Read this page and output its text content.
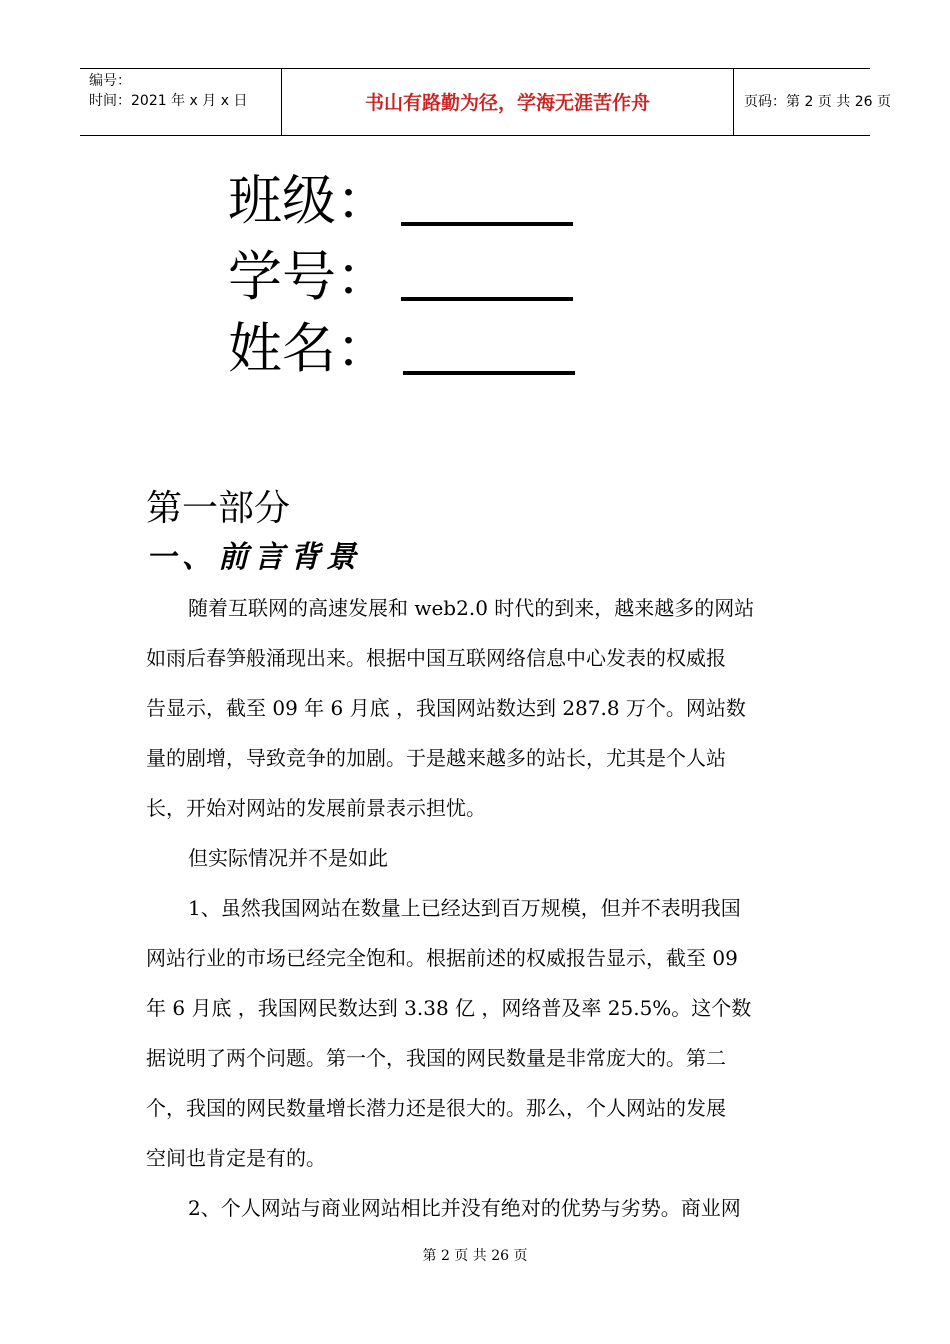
编号：
时间：2021 年 x 月 x 日	书山有路勤为径，学海无涯苦作舟	页码：第 2 页 共 26 页
班级：
学号：
姓名：
第一部分
一、前言背景
随着互联网的高速发展和 web2.0 时代的到来，越来越多的网站
如雨后春笋般涌现出来。根据中国互联网络信息中心发表的权威报
告显示，截至 09 年 6 月底 ，我国网站数达到 287.8 万个。网站数
量的剧增，导致竞争的加剧。于是越来越多的站长，尤其是个人站
长，开始对网站的发展前景表示担忧。
但实际情况并不是如此
1、虽然我国网站在数量上已经达到百万规模，但并不表明我国
网站行业的市场已经完全饱和。根据前述的权威报告显示，截至 09
年 6 月底 ，我国网民数达到 3.38 亿 ，网络普及率 25.5%。这个数
据说明了两个问题。第一个，我国的网民数量是非常庞大的。第二
个，我国的网民数量增长潜力还是很大的。那么，个人网站的发展
空间也肯定是有的。
2、个人网站与商业网站相比并没有绝对的优势与劣势。商业网
第 2 页 共 26 页
